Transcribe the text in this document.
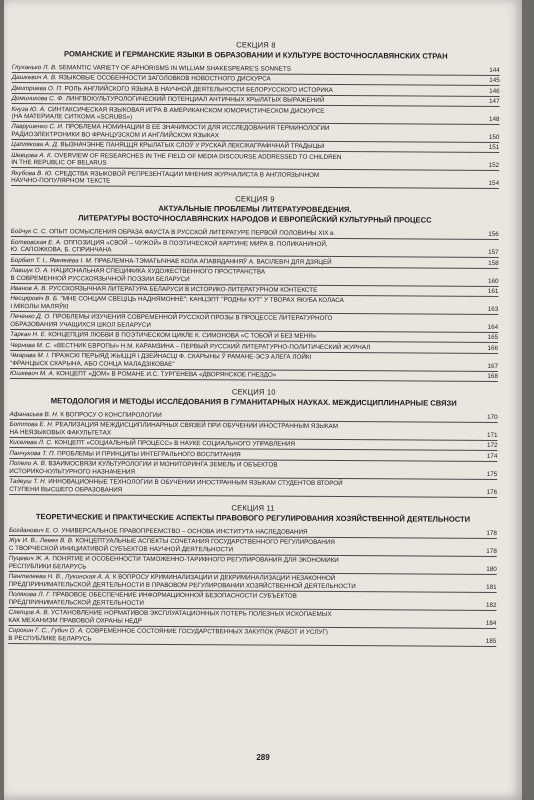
СЕКЦИЯ 8
РОМАНСКИЕ И ГЕРМАНСКИЕ ЯЗЫКИ В ОБРАЗОВАНИИ И КУЛЬТУРЕ ВОСТОЧНОСЛАВЯНСКИХ СТРАН
Глуханько Л. В. SEMANTIC VARIETY OF APHORISMS IN WILLIAM SHAKESPEARE'S SONNETS	144
Дашкевич А. В. ЯЗЫКОВЫЕ ОСОБЕННОСТИ ЗАГОЛОВКОВ НОВОСТНОГО ДИСКУРСА	145
Дмитриева О. П. РОЛЬ АНГЛИЙСКОГО ЯЗЫКА В НАУЧНОЙ ДЕЯТЕЛЬНОСТИ БЕЛОРУССКОГО ИСТОРИКА	146
Доминикова С. Ф. ЛИНГВОКУЛЬТУРОЛОГИЧЕСКИЙ ПОТЕНЦИАЛ АНТИЧНЫХ КРЫЛАТЫХ ВЫРАЖЕНИЙ	147
Кнуза Ю. А. СИНТАКСИЧЕСКАЯ ЯЗЫКОВАЯ ИГРА В АМЕРИКАНСКОМ ЮМОРИСТИЧЕСКОМ ДИСКУРСЕ
(НА МАТЕРИАЛЕ СИТКОМА «SCRUBS»)	148
Лаврушенко С. И. ПРОБЛЕМА НОМИНАЦИИ В ЕЕ ЗНАЧИМОСТИ ДЛЯ ИССЛЕДОВАНИЯ ТЕРМИНОЛОГИИ
РАДИОЭЛЕКТРОНИКИ ВО ФРАНЦУЗСКОМ И АНГЛИЙСКОМ ЯЗЫКАХ	150
Цаплякова А. Д. ВЫЗНАЧЭННЕ ПАНЯЦЦЯ КРЫЛАТЫХ СЛОЎ У РУСКАЙ ЛЕКСІКАГРАФІЧНАЙ ТРАДЫЦЫІ	151
Шевцова А. К. OVERVIEW OF RESEARCHES IN THE FIELD OF MEDIA DISCOURSE ADDRESSED TO CHILDREN
IN THE REPUBLIC OF BELARUS	152
Якубова В. Ю. СРЕДСТВА ЯЗЫКОВОЙ РЕПРЕЗЕНТАЦИИ МНЕНИЯ ЖУРНАЛИСТА В АНГЛОЯЗЫЧНОМ
НАУЧНО-ПОПУЛЯРНОМ ТЕКСТЕ	154
СЕКЦИЯ 9
АКТУАЛЬНЫЕ ПРОБЛЕМЫ ЛИТЕРАТУРОВЕДЕНИЯ.
ЛИТЕРАТУРЫ ВОСТОЧНОСЛАВЯНСКИХ НАРОДОВ И ЕВРОПЕЙСКИЙ КУЛЬТУРНЫЙ ПРОЦЕСС
Бойчук С. С. ОПЫТ ОСМЫСЛЕНИЯ ОБРАЗА ФАУСТА В РУССКОЙ ЛИТЕРАТУРЕ ПЕРВОЙ ПОЛОВИНЫ XIX в.	156
Ботвовская Е. А. ОППОЗИЦИЯ «СВОЙ – ЧУЖОЙ» В ПОЭТИЧЕСКОЙ КАРТИНЕ МИРА В. ПОЛИКАНИНОЙ,
Ю. САПОЖКОВА, Б. СПРИНЧАНА	157
Борбат Т. І., Ямнянёва І. М. ПРАБЛЕМНА-ТЭМАТЫЧНАЕ КОЛА АПАВЯДАННЯЎ А. ВАСІЛЕВІЧ ДЛЯ ДЗЯЦЕЙ	158
Лавшук О. А. НАЦИОНАЛЬНАЯ СПЕЦИФИКА ХУДОЖЕСТВЕННОГО ПРОСТРАНСТВА
В СОВРЕМЕННОЙ РУССКОЯЗЫЧНОЙ ПОЭЗИИ БЕЛАРУСИ	160
Иванов А. В. РУССКОЯЗЫЧНАЯ ЛИТЕРАТУРА БЕЛАРУСИ В ИСТОРИКО-ЛИТЕРАТУРНОМ КОНТЕКСТЕ	161
Несцяровіч В. Б. "МНЕ СОНЦАМ СВЕЦІЦЬ НАДНЯМОННЕ": КАНЦЭПТ "РОДНЫ КУТ" У ТВОРАХ ЯКУБА КОЛАСА
І МІКОЛЫ МАЛЯЎКІ	163
Печенко Д. О. ПРОБЛЕМЫ ИЗУЧЕНИЯ СОВРЕМЕННОЙ РУССКОЙ ПРОЗЫ В ПРОЦЕССЕ ЛИТЕРАТУРНОГО
ОБРАЗОВАНИЯ УЧАЩИХСЯ ШКОЛ БЕЛАРУСИ	164
Таркан Н. Е. КОНЦЕПЦИЯ ЛЮБВИ В ПОЭТИЧЕСКОМ ЦИКЛЕ К. СИМОНОВА «С ТОБОЙ И БЕЗ МЕНЯ»	165
Чернова М. С. «ВЕСТНИК ЕВРОПЫ» Н.М. КАРАМЗИНА – ПЕРВЫЙ РУССКИЙ ЛИТЕРАТУРНО-ПОЛИТИЧЕСКИЙ ЖУРНАЛ	166
Чмарава М. І. ПРАЖСКІ ПЕРЫЯД ЖЫЦЦЯ І ДЗЕЙНАСЦІ Ф. СКАРЫНЫ Ў РАМАНЕ-ЭСЭ АЛЕГА ЛОЙКІ
"ФРАНЦЫСК СКАРЫНА, АБО СОНЦА МАЛАДЗІКОВАЕ"	167
Юшкевич М. А. КОНЦЕПТ «ДОМ» В РОМАНЕ И.С. ТУРГЕНЕВА «ДВОРЯНСКОЕ ГНЕЗДО»	168
СЕКЦИЯ 10
МЕТОДОЛОГИЯ И МЕТОДЫ ИССЛЕДОВАНИЯ В ГУМАНИТАРНЫХ НАУКАХ. МЕЖДИСЦИПЛИНАРНЫЕ СВЯЗИ
Афанасьев В. Н. К ВОПРОСУ О КОНСПИРОЛОГИИ	170
Боттова Е. Н. РЕАЛИЗАЦИЯ МЕЖДИСЦИПЛИНАРНЫХ СВЯЗЕЙ ПРИ ОБУЧЕНИИ ИНОСТРАННЫМ ЯЗЫКАМ
НА НЕЯЗЫКОВЫХ ФАКУЛЬТЕТАХ	171
Киселева Л. С. КОНЦЕПТ «СОЦИАЛЬНЫЙ ПРОЦЕСС» В НАУКЕ СОЦИАЛЬНОГО УПРАВЛЕНИЯ	172
Панчукова Т. П. ПРОБЛЕМЫ И ПРИНЦИПЫ ИНТЕГРАЛЬНОГО ВОСПИТАНИЯ	174
Попело А. В. ВЗАИМОСВЯЗИ КУЛЬТУРОЛОГИИ И МОНИТОРИНГА ЗЕМЕЛЬ И ОБЪЕКТОВ
ИСТОРИКО-КУЛЬТУРНОГО НАЗНАЧЕНИЯ	175
Тадеуш Т. Н. ИННОВАЦИОННЫЕ ТЕХНОЛОГИИ В ОБУЧЕНИИ ИНОСТРАННЫМ ЯЗЫКАМ СТУДЕНТОВ ВТОРОЙ
СТУПЕНИ ВЫСШЕГО ОБРАЗОВАНИЯ	176
СЕКЦИЯ 11
ТЕОРЕТИЧЕСКИЕ И ПРАКТИЧЕСКИЕ АСПЕКТЫ ПРАВОВОГО РЕГУЛИРОВАНИЯ ХОЗЯЙСТВЕННОЙ ДЕЯТЕЛЬНОСТИ
Богданович Е. О. УНИВЕРСАЛЬНОЕ ПРАВОПРЕЕМСТВО – ОСНОВА ИНСТИТУТА НАСЛЕДОВАНИЯ	178
Жук И. В., Лемех В. В. КОНЦЕПТУАЛЬНЫЕ АСПЕКТЫ СОЧЕТАНИЯ ГОСУДАРСТВЕННОГО РЕГУЛИРОВАНИЯ
С ТВОРЧЕСКОЙ ИНИЦИАТИВОЙ СУБЪЕКТОВ НАУЧНОЙ ДЕЯТЕЛЬНОСТИ	178
Пуцевич Ж. А. ПОНЯТИЕ И ОСОБЕННОСТИ ТАМОЖЕННО-ТАРИФНОГО РЕГУЛИРОВАНИЯ ДЛЯ ЭКОНОМИКИ
РЕСПУБЛИКИ БЕЛАРУСЬ	180
Пантелеева Н. В., Лукинская А. А. К ВОПРОСУ КРИМИНАЛИЗАЦИИ И ДЕКРИМИНАЛИЗАЦИИ НЕЗАКОННОЙ
ПРЕДПРИНИМАТЕЛЬСКОЙ ДЕЯТЕЛЬНОСТИ В ПРАВОВОМ РЕГУЛИРОВАНИИ ХОЗЯЙСТВЕННОЙ ДЕЯТЕЛЬНОСТИ	181
Полякова Л. Г. ПРАВОВОЕ ОБЕСПЕЧЕНИЕ ИНФОРМАЦИОННОЙ БЕЗОПАСНОСТИ СУБЪЕКТОВ
ПРЕДПРИНИМАТЕЛЬСКОЙ ДЕЯТЕЛЬНОСТИ	182
Слепцов А. В. УСТАНОВЛЕНИЕ НОРМАТИВОВ ЭКСПЛУАТАЦИОННЫХ ПОТЕРЬ ПОЛЕЗНЫХ ИСКОПАЕМЫХ
КАК МЕХАНИЗМ ПРАВОВОЙ ОХРАНЫ НЕДР	184
Сорокин Г. С., Губич О. А. СОВРЕМЕННОЕ СОСТОЯНИЕ ГОСУДАРСТВЕННЫХ ЗАКУПОК (РАБОТ И УСЛУГ)
В РЕСПУБЛИКЕ БЕЛАРУСЬ	185
289
